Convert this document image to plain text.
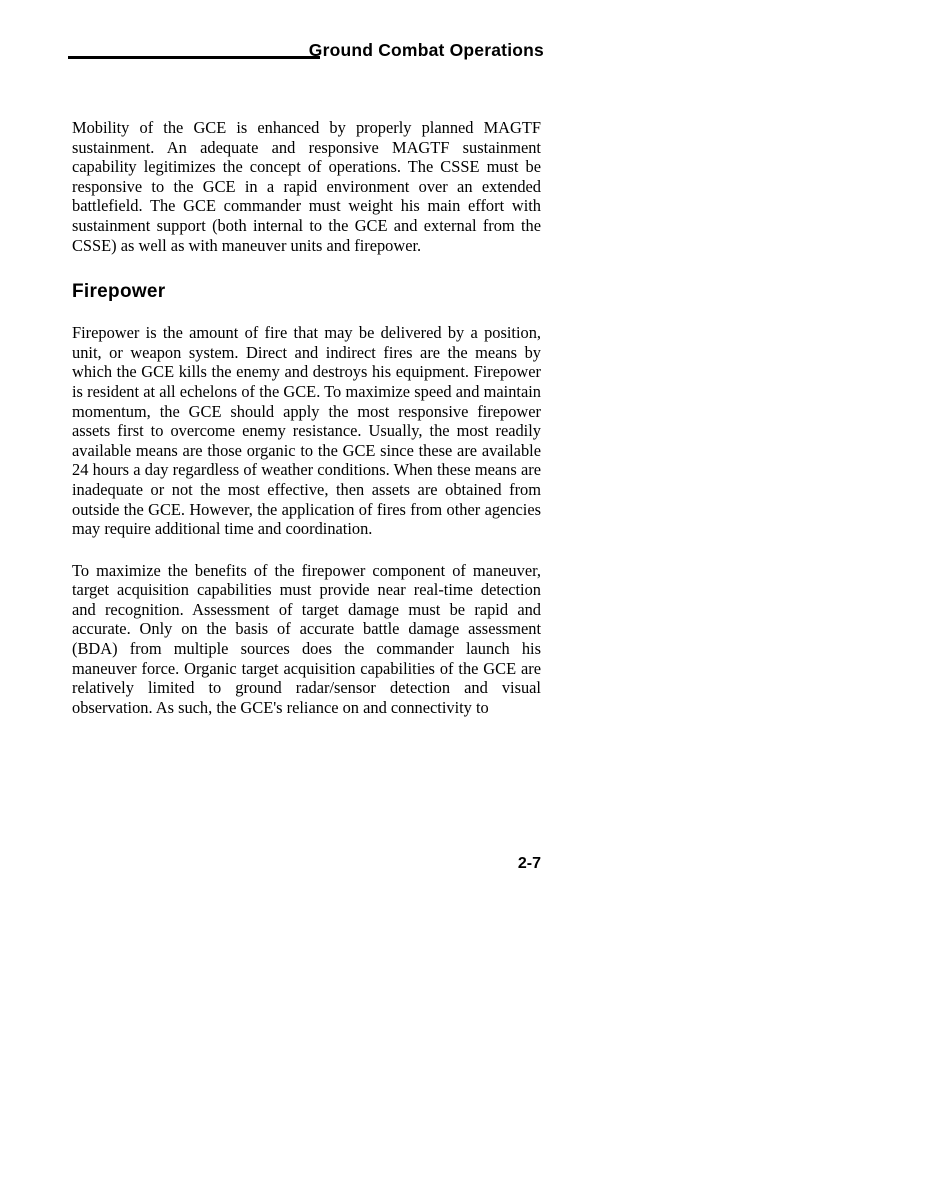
Ground Combat Operations

Mobility of the GCE is enhanced by properly planned MAGTF sustainment. An adequate and responsive MAGTF sustainment capability legitimizes the concept of operations. The CSSE must be responsive to the GCE in a rapid environment over an extended battlefield. The GCE commander must weight his main effort with sustainment support (both internal to the GCE and external from the CSSE) as well as with maneuver units and firepower.

Firepower

Firepower is the amount of fire that may be delivered by a position, unit, or weapon system. Direct and indirect fires are the means by which the GCE kills the enemy and destroys his equipment. Firepower is resident at all echelons of the GCE. To maximize speed and maintain momentum, the GCE should apply the most responsive firepower assets first to overcome enemy resistance. Usually, the most readily available means are those organic to the GCE since these are available 24 hours a day regardless of weather conditions. When these means are inadequate or not the most effective, then assets are obtained from outside the GCE. However, the application of fires from other agencies may require additional time and coordination.

To maximize the benefits of the firepower component of maneuver, target acquisition capabilities must provide near real-time detection and recognition. Assessment of target damage must be rapid and accurate. Only on the basis of accurate battle damage assessment (BDA) from multiple sources does the commander launch his maneuver force. Organic target acquisition capabilities of the GCE are relatively limited to ground radar/sensor detection and visual observation. As such, the GCE's reliance on and connectivity to

2-7
